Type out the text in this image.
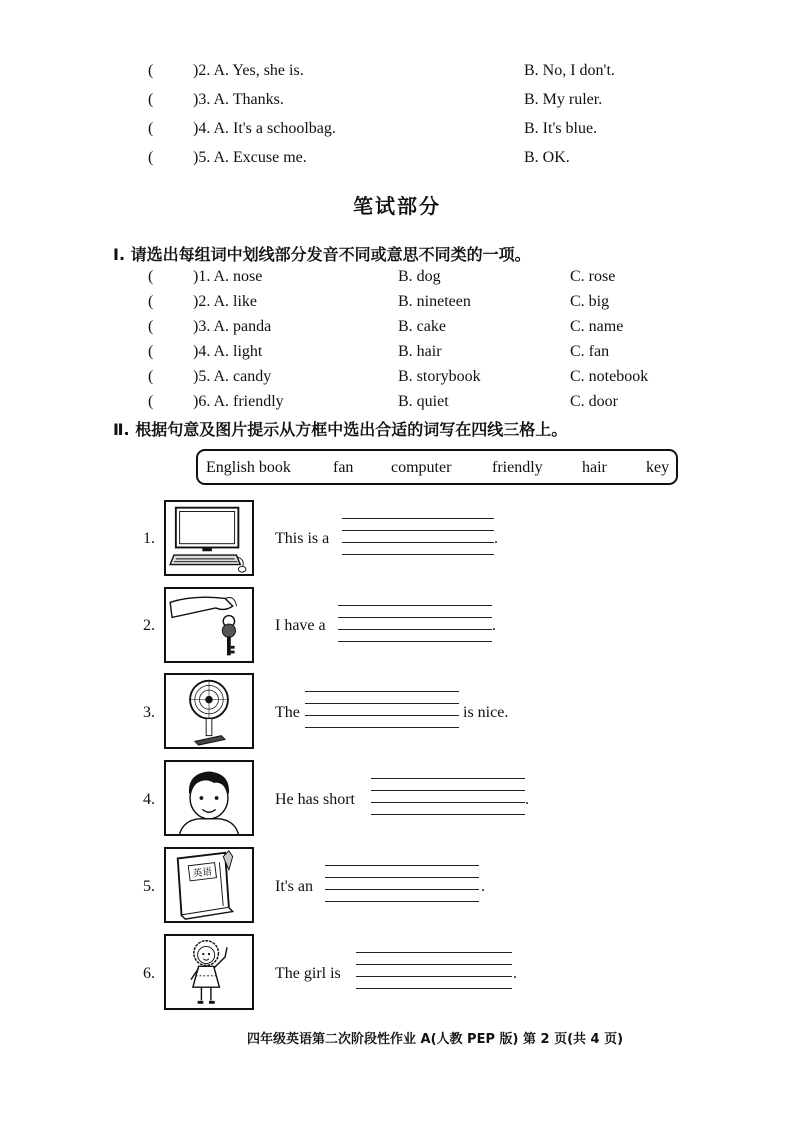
( )2. A. Yes, she is.	B. No, I don't.
( )3. A. Thanks.	B. My ruler.
( )4. A. It's a schoolbag.	B. It's blue.
( )5. A. Excuse me.	B. OK.
笔试部分
Ⅰ. 请选出每组词中划线部分发音不同或意思不同类的一项。
( )1. A. nose	B. dog	C. rose
( )2. A. like	B. nineteen	C. big
( )3. A. panda	B. cake	C. name
( )4. A. light	B. hair	C. fan
( )5. A. candy	B. storybook	C. notebook
( )6. A. friendly	B. quiet	C. door
Ⅱ. 根据句意及图片提示从方框中选出合适的词写在四线三格上。
English book	fan computer	friendly hair key
1.	This is a	.
2.	I have a	.
3.	The	is nice.
4.	He has short	.
5.
英语
It's an	.
6.	The girl is	.
四年级英语第二次阶段性作业 A(人教 PEP 版) 第 2 页(共 4 页)
